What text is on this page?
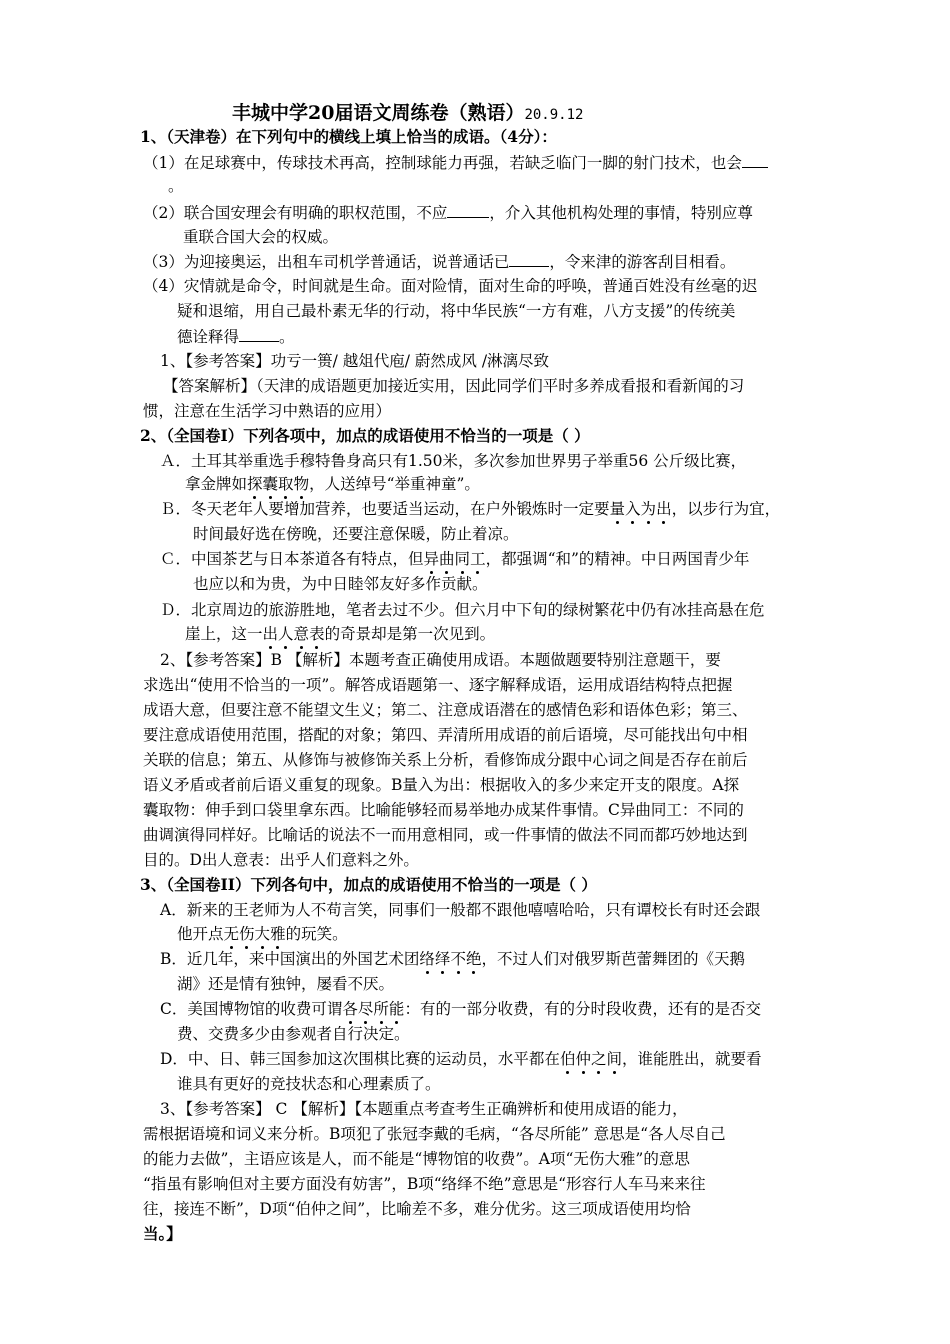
丰城中学20届语文周练卷（熟语）20.9.12
1、（天津卷）在下列句中的横线上填上恰当的成语。（4分）：
（1）在足球赛中，传球技术再高，控制球能力再强，若缺乏临门一脚的射门技术，也会
。
（2）联合国安理会有明确的职权范围，不应	，介入其他机构处理的事情，特别应尊
重联合国大会的权威。
（3）为迎接奥运，出租车司机学普通话，说普通话已	，令来津的游客刮目相看。
（4）灾情就是命令，时间就是生命。面对险情，面对生命的呼唤，普通百姓没有丝毫的迟
疑和退缩，用自己最朴素无华的行动，将中华民族“一方有难，八方支援”的传统美
德诠释得	。
1、【参考答案】功亏一篑/ 越俎代庖/ 蔚然成风 /淋漓尽致
【答案解析】（天津的成语题更加接近实用，因此同学们平时多养成看报和看新闻的习
惯，注意在生活学习中熟语的应用）
2、（全国卷Ⅰ）下列各项中，加点的成语使用不恰当的一项是（ ）
Ａ．土耳其举重选手穆特鲁身高只有1.50米，多次参加世界男子举重56 公斤级比赛，
拿金牌如探囊取物，人送绰号“举重神童”。
Ｂ．冬天老年人要增加营养，也要适当运动，在户外锻炼时一定要量入为出，以步行为宜，
时间最好选在傍晚，还要注意保暖，防止着凉。
Ｃ．中国茶艺与日本茶道各有特点，但异曲同工，都强调“和”的精神。中日两国青少年
也应以和为贵，为中日睦邻友好多作贡献。
Ｄ．北京周边的旅游胜地，笔者去过不少。但六月中下旬的绿树繁花中仍有冰挂高悬在危
崖上，这一出人意表的奇景却是第一次见到。
2、【参考答案】B 【解析】本题考查正确使用成语。本题做题要特别注意题干，要
求选出“使用不恰当的一项”。解答成语题第一、逐字解释成语，运用成语结构特点把握
成语大意，但要注意不能望文生义；第二、注意成语潜在的感情色彩和语体色彩；第三、
要注意成语使用范围，搭配的对象；第四、弄清所用成语的前后语境，尽可能找出句中相
关联的信息；第五、从修饰与被修饰关系上分析，看修饰成分跟中心词之间是否存在前后
语义矛盾或者前后语义重复的现象。B量入为出：根据收入的多少来定开支的限度。A探
囊取物：伸手到口袋里拿东西。比喻能够轻而易举地办成某件事情。C异曲同工：不同的
曲调演得同样好。比喻话的说法不一而用意相同，或一件事情的做法不同而都巧妙地达到
目的。D出人意表：出乎人们意料之外。
3、（全国卷II）下列各句中，加点的成语使用不恰当的一项是（ ）
A．新来的王老师为人不苟言笑，同事们一般都不跟他嘻嘻哈哈，只有谭校长有时还会跟
他开点无伤大雅的玩笑。
B．近几年，来中国演出的外国艺术团络绎不绝，不过人们对俄罗斯芭蕾舞团的《天鹅
湖》还是情有独钟，屡看不厌。
C．美国博物馆的收费可谓各尽所能：有的一部分收费，有的分时段收费，还有的是否交
费、交费多少由参观者自行决定。
D．中、日、韩三国参加这次围棋比赛的运动员，水平都在伯仲之间，谁能胜出，就要看
谁具有更好的竞技状态和心理素质了。
3、【参考答案】 C 【解析】【本题重点考查考生正确辨析和使用成语的能力，
需根据语境和词义来分析。B项犯了张冠李戴的毛病，“各尽所能” 意思是“各人尽自己
的能力去做”，主语应该是人，而不能是“博物馆的收费”。A项“无伤大雅”的意思
“指虽有影响但对主要方面没有妨害”，B项“络绎不绝”意思是“形容行人车马来来往
往，接连不断”，D项“伯仲之间”，比喻差不多，难分优劣。这三项成语使用均恰
当。】
